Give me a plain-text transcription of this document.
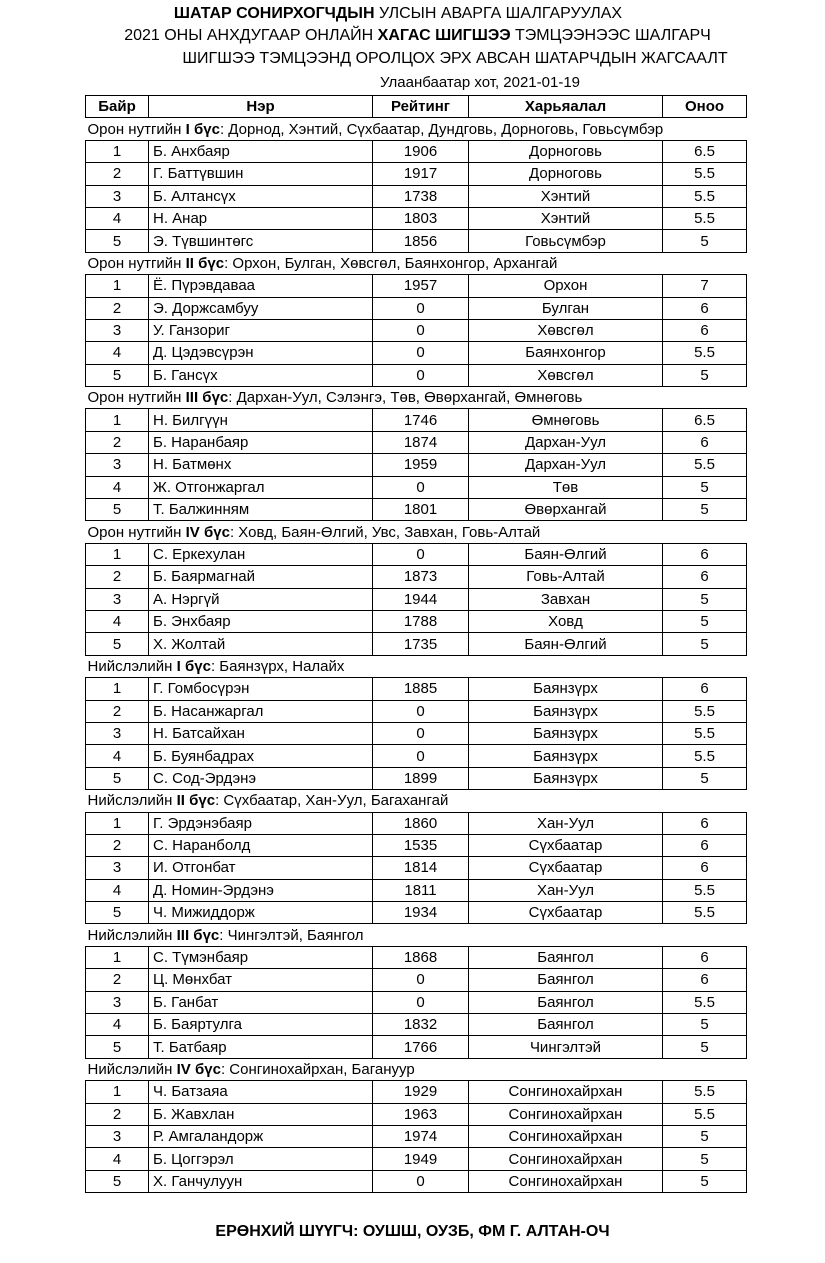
ШАТАР СОНИРХОГЧДЫН УЛСЫН АВАРГА ШАЛГАРУУЛАХ
2021 ОНЫ АНХДУГААР ОНЛАЙН ХАГАС ШИГШЭЭ ТЭМЦЭЭНЭЭС ШАЛГАРЧ
ШИГШЭЭ ТЭМЦЭЭНД ОРОЛЦОХ ЭРХ АВСАН ШАТАРЧДЫН ЖАГСААЛТ
Улаанбаатар хот, 2021-01-19
Байр	Нэр	Рейтинг	Харьяалал	Оноо
Орон нутгийн I бүс: Дорнод, Хэнтий, Сүхбаатар, Дундговь, Дорноговь, Говьсүмбэр				
1	Б. Анхбаяр	1906	Дорноговь	6.5
2	Г. Баттүвшин	1917	Дорноговь	5.5
3	Б. Алтансүх	1738	Хэнтий	5.5
4	Н. Анар	1803	Хэнтий	5.5
5	Э. Түвшинтөгс	1856	Говьсүмбэр	5
Орон нутгийн II бүс: Орхон, Булган, Хөвсгөл, Баянхонгор, Архангай				
1	Ё. Пүрэвдаваа	1957	Орхон	7
2	Э. Доржсамбуу	0	Булган	6
3	У. Ганзориг	0	Хөвсгөл	6
4	Д. Цэдэвсүрэн	0	Баянхонгор	5.5
5	Б. Гансүх	0	Хөвсгөл	5
Орон нутгийн III бүс: Дархан-Уул, Сэлэнгэ, Төв, Өвөрхангай, Өмнөговь				
1	Н. Билгүүн	1746	Өмнөговь	6.5
2	Б. Наранбаяр	1874	Дархан-Уул	6
3	Н. Батмөнх	1959	Дархан-Уул	5.5
4	Ж. Отгонжаргал	0	Төв	5
5	Т. Балжинням	1801	Өвөрхангай	5
Орон нутгийн IV бүс: Ховд, Баян-Өлгий, Увс, Завхан, Говь-Алтай				
1	С. Еркехулан	0	Баян-Өлгий	6
2	Б. Баярмагнай	1873	Говь-Алтай	6
3	А. Нэргүй	1944	Завхан	5
4	Б. Энхбаяр	1788	Ховд	5
5	Х. Жолтай	1735	Баян-Өлгий	5
Нийслэлийн I бүс: Баянзүрх, Налайх				
1	Г. Гомбосүрэн	1885	Баянзүрх	6
2	Б. Насанжаргал	0	Баянзүрх	5.5
3	Н. Батсайхан	0	Баянзүрх	5.5
4	Б. Буянбадрах	0	Баянзүрх	5.5
5	С. Сод-Эрдэнэ	1899	Баянзүрх	5
Нийслэлийн II бүс: Сүхбаатар, Хан-Уул, Багахангай				
1	Г. Эрдэнэбаяр	1860	Хан-Уул	6
2	С. Наранболд	1535	Сүхбаатар	6
3	И. Отгонбат	1814	Сүхбаатар	6
4	Д. Номин-Эрдэнэ	1811	Хан-Уул	5.5
5	Ч. Мижиддорж	1934	Сүхбаатар	5.5
Нийслэлийн III бүс: Чингэлтэй, Баянгол				
1	С. Түмэнбаяр	1868	Баянгол	6
2	Ц. Мөнхбат	0	Баянгол	6
3	Б. Ганбат	0	Баянгол	5.5
4	Б. Баяртулга	1832	Баянгол	5
5	Т. Батбаяр	1766	Чингэлтэй	5
Нийслэлийн IV бүс: Сонгинохайрхан, Багануур				
1	Ч. Батзаяа	1929	Сонгинохайрхан	5.5
2	Б. Жавхлан	1963	Сонгинохайрхан	5.5
3	Р. Амгаландорж	1974	Сонгинохайрхан	5
4	Б. Цоггэрэл	1949	Сонгинохайрхан	5
5	Х. Ганчулуун	0	Сонгинохайрхан	5
ЕРӨНХИЙ ШҮҮГЧ: ОУШШ, ОУЗБ, ФМ Г. АЛТАН-ОЧ
